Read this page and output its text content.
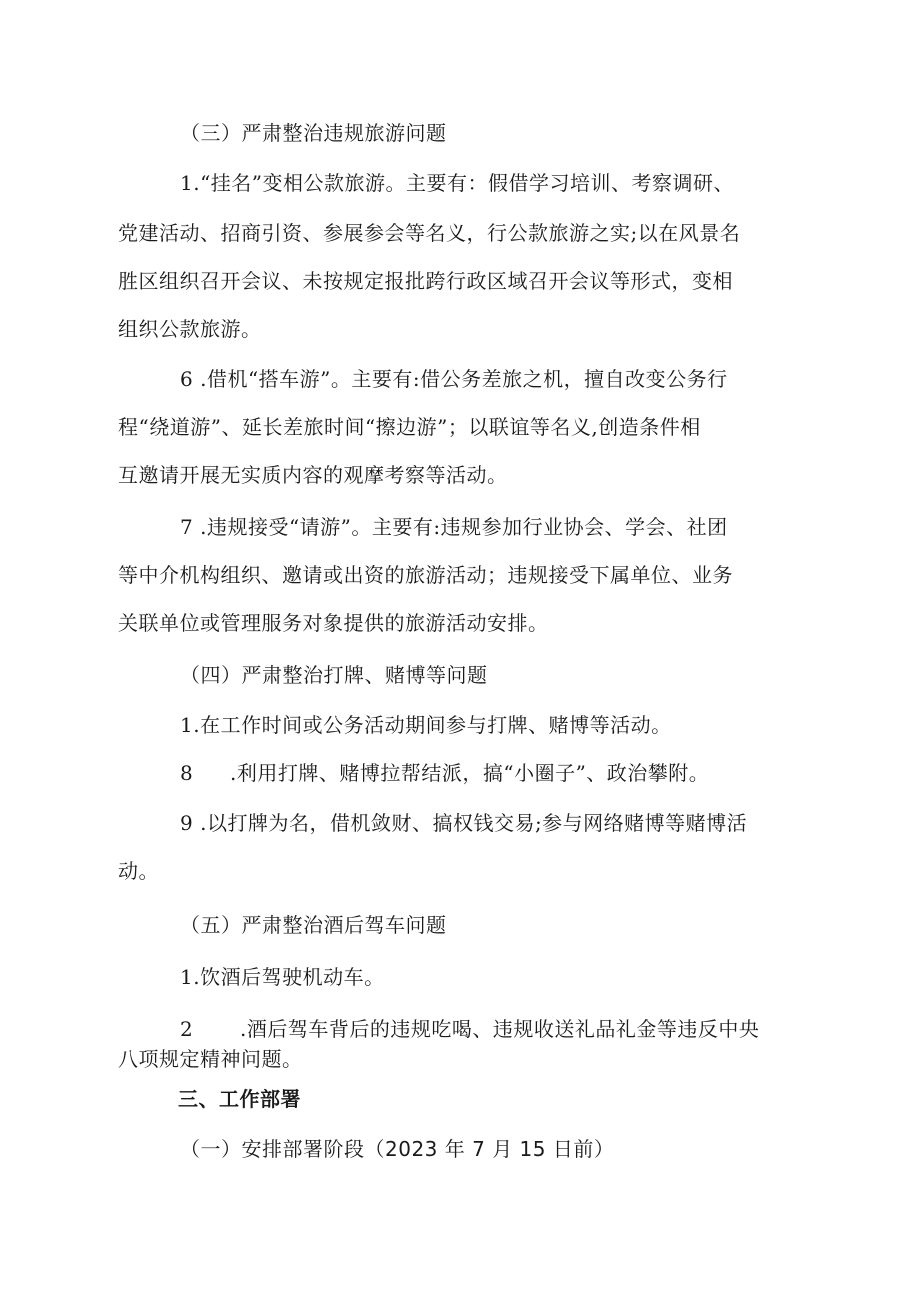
（三）严肃整治违规旅游问题
1.“挂名”变相公款旅游。主要有：假借学习培训、考察调研、
党建活动、招商引资、参展参会等名义，行公款旅游之实;以在风景名
胜区组织召开会议、未按规定报批跨行政区域召开会议等形式，变相
组织公款旅游。
6 .借机“搭车游”。主要有:借公务差旅之机，擅自改变公务行
程“绕道游”、延长差旅时间“擦边游”；以联谊等名义,创造条件相
互邀请开展无实质内容的观摩考察等活动。
7 .违规接受“请游”。主要有:违规参加行业协会、学会、社团
等中介机构组织、邀请或出资的旅游活动；违规接受下属单位、业务
关联单位或管理服务对象提供的旅游活动安排。
（四）严肃整治打牌、赌博等问题
1.在工作时间或公务活动期间参与打牌、赌博等活动。
8 .利用打牌、赌博拉帮结派，搞“小圈子”、政治攀附。
9 .以打牌为名，借机敛财、搞权钱交易;参与网络赌博等赌博活
动。
（五）严肃整治酒后驾车问题
1.饮酒后驾驶机动车。
2 .酒后驾车背后的违规吃喝、违规收送礼品礼金等违反中央
八项规定精神问题。
三、工作部署
（一）安排部署阶段（2023 年 7 月 15 日前）
